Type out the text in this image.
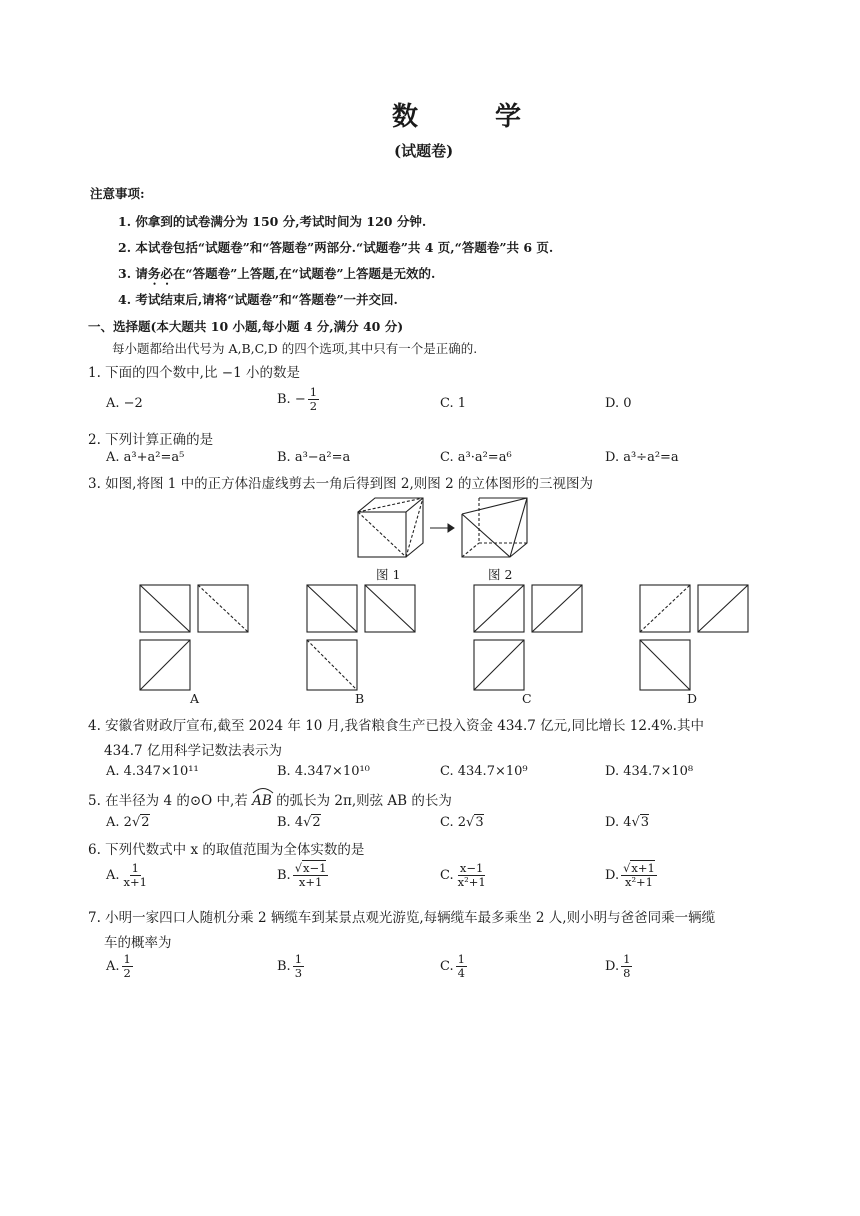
数 学
(试题卷)
注意事项:
1. 你拿到的试卷满分为 150 分,考试时间为 120 分钟.
2. 本试卷包括“试题卷”和“答题卷”两部分.“试题卷”共 4 页,“答题卷”共 6 页.
3. 请务必在“答题卷”上答题,在“试题卷”上答题是无效的.
4. 考试结束后,请将“试题卷”和“答题卷”一并交回.
一、选择题(本大题共 10 小题,每小题 4 分,满分 40 分)
每小题都给出代号为 A,B,C,D 的四个选项,其中只有一个是正确的.
1. 下面的四个数中,比 −1 小的数是
A. −2	B. − $\frac{1}{2}$	C. 1	D. 0
2. 下列计算正确的是
A. a³+a²=a⁵	B. a³−a²=a	C. a³·a²=a⁶	D. a³÷a²=a
3. 如图,将图 1 中的正方体沿虚线剪去一角后得到图 2,则图 2 的立体图形的三视图为
图 1	图 2
A	B	C	D
4. 安徽省财政厅宣布,截至 2024 年 10 月,我省粮食生产已投入资金 434.7 亿元,同比增长 12.4%.其中
434.7 亿用科学记数法表示为
A. 4.347×10¹¹	B. 4.347×10¹⁰	C. 434.7×10⁹	D. 434.7×10⁸
5. 在半径为 4 的⊙O 中,若 AB
的弧长为 2π,则弦 AB 的长为
A. 2√2	B. 4√2	C. 2√3	D. 4√3
6. 下列代数式中 x 的取值范围为全体实数的是
A. $\frac{1}{x+1}$	B. $\frac{√x-1}{x+1}$	C. $\frac{x-1}{\text{x²+1}}$	D. $\frac{√x+1}{\text{x²+1}}$
7. 小明一家四口人随机分乘 2 辆缆车到某景点观光游览,每辆缆车最多乘坐 2 人,则小明与爸爸同乘一辆缆
车的概率为
A. $\frac{1}{2}$	B. $\frac{1}{3}$	C. $\frac{1}{4}$	D. $\frac{1}{8}$
